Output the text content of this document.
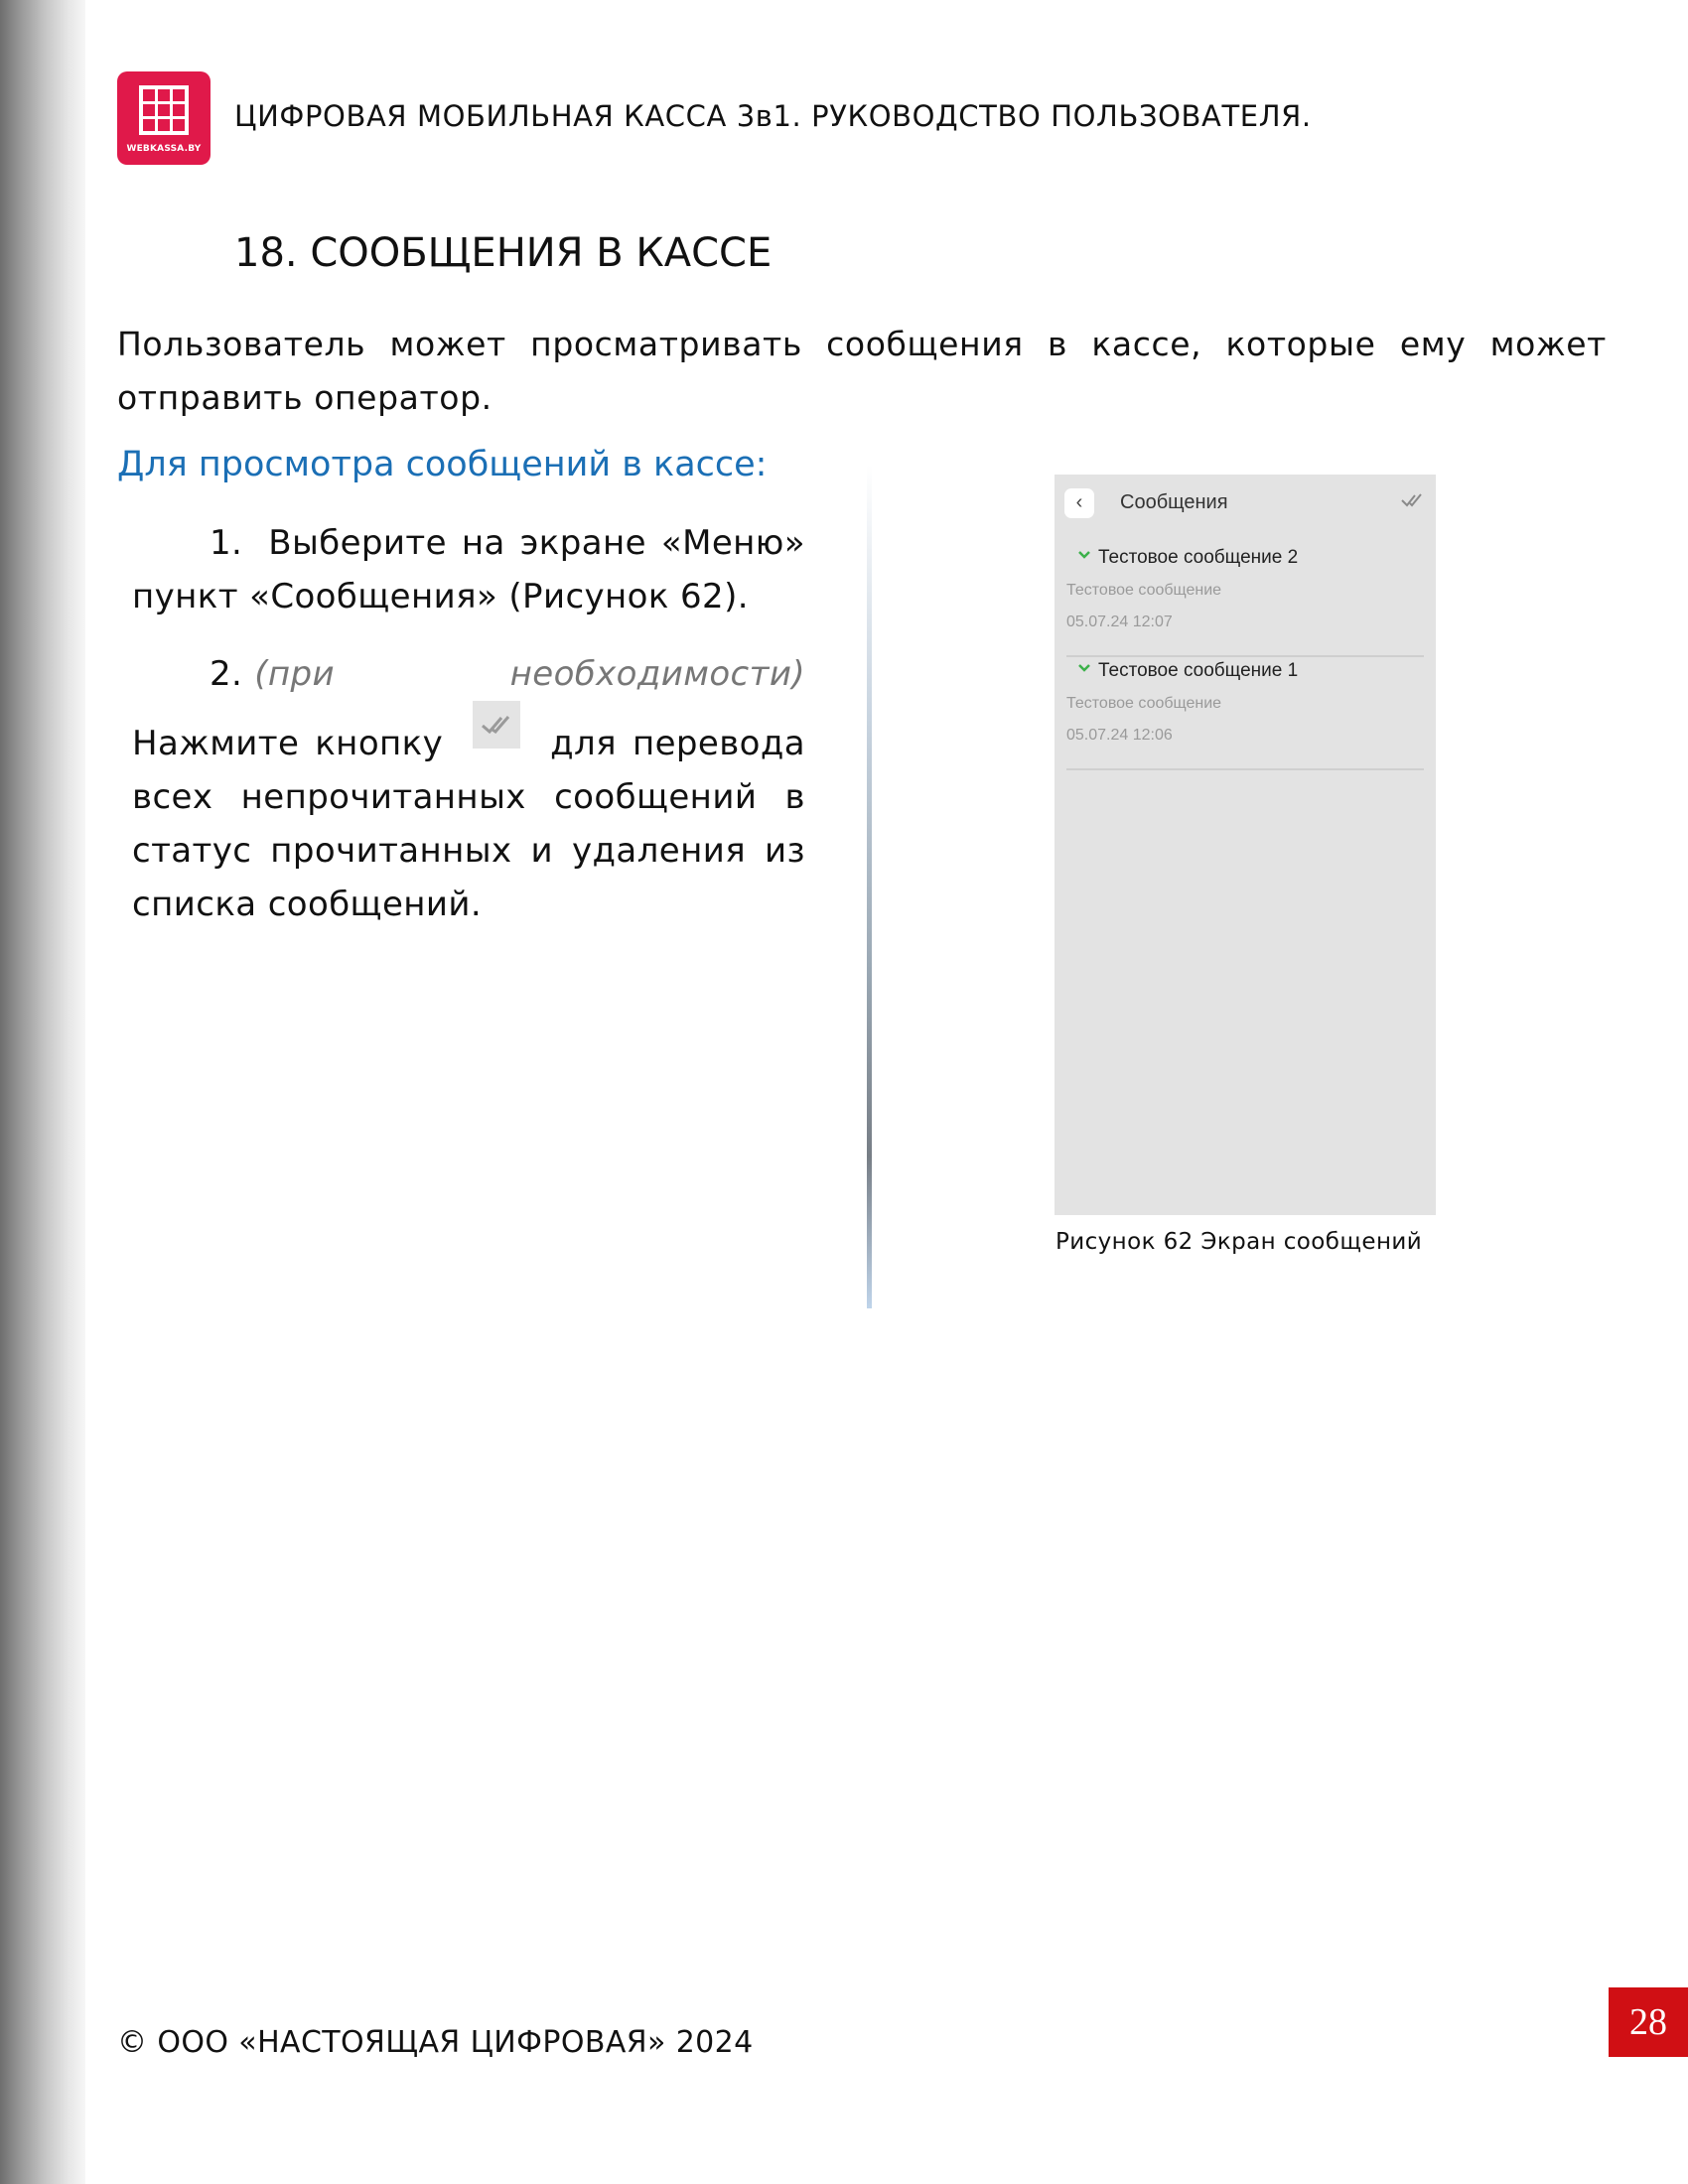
WEBKASSA.BY
ЦИФРОВАЯ МОБИЛЬНАЯ КАССА 3в1. РУКОВОДСТВО ПОЛЬЗОВАТЕЛЯ.
18. СООБЩЕНИЯ В КАССЕ
Пользователь может просматривать сообщения в кассе, которые ему может отправить оператор.
Для просмотра сообщений в кассе:
1. Выберите на экране «Меню» пункт «Сообщения» (Рисунок 62).
2. (при необходимости) Нажмите кнопку	для перевода всех непрочитанных сообщений в статус прочитанных и удаления из списка сообщений.
‹	Сообщения
Тестовое сообщение 2
Тестовое сообщение
05.07.24 12:07
Тестовое сообщение 1
Тестовое сообщение
05.07.24 12:06
Рисунок 62 Экран сообщений
© ООО «НАСТОЯЩАЯ ЦИФРОВАЯ» 2024	28
